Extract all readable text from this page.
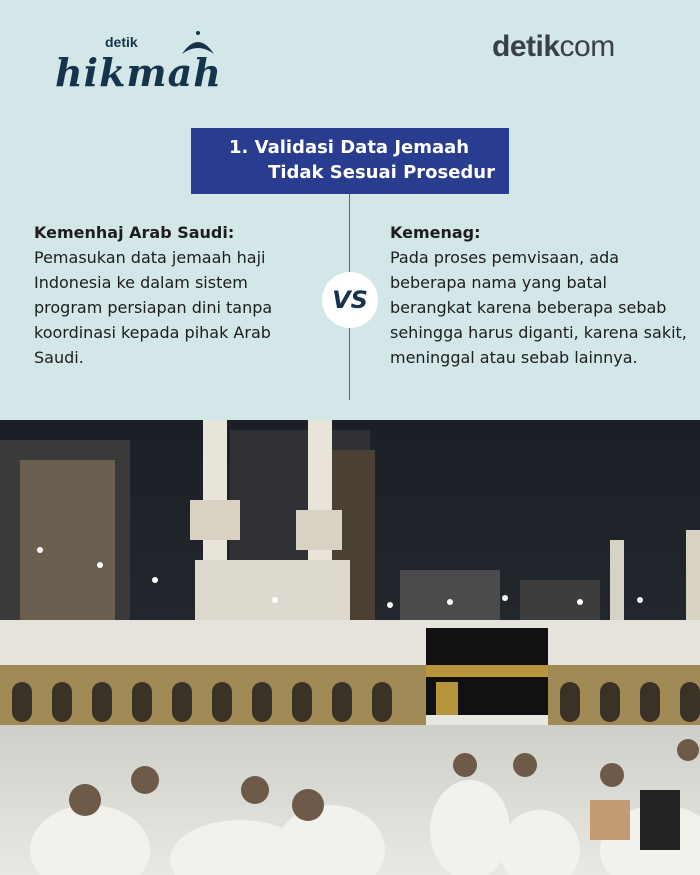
detik
hikmah
detikcom
1. Validasi Data Jemaah
Tidak Sesuai Prosedur
Kemenhaj Arab Saudi:
Pemasukan data jemaah haji Indonesia ke dalam sistem program persiapan dini tanpa koordinasi kepada pihak Arab Saudi.
VS
Kemenag:
Pada proses pemvisaan, ada beberapa nama yang batal berangkat karena beberapa sebab sehingga harus diganti, karena sakit, meninggal atau sebab lainnya.
